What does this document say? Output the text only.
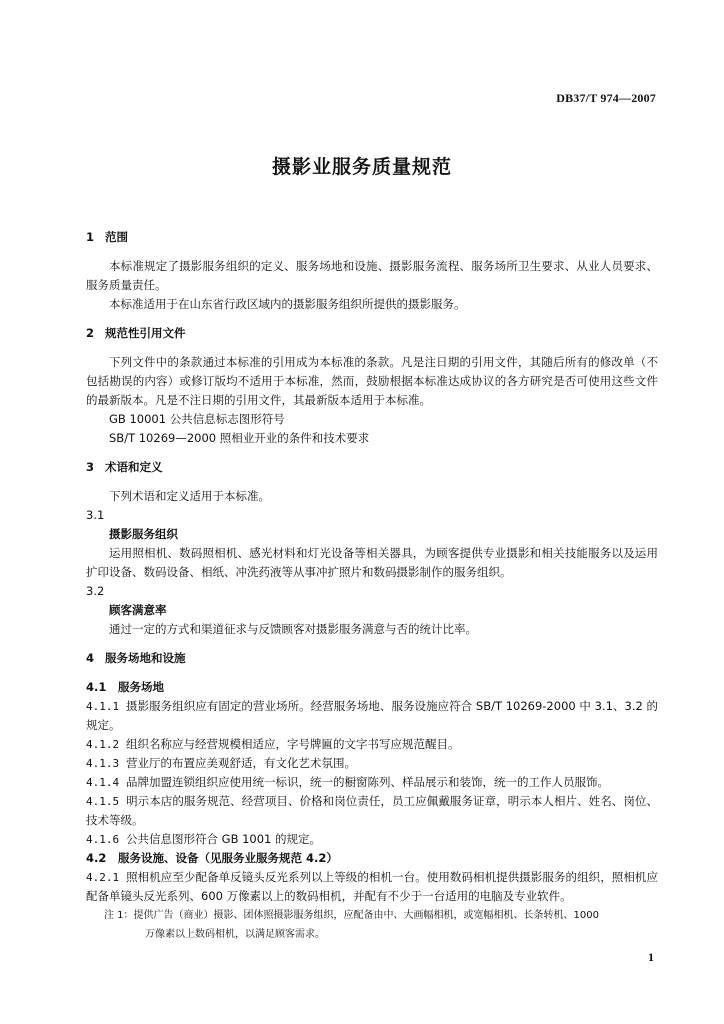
DB37/T 974—2007
摄影业服务质量规范

1 范围

本标准规定了摄影服务组织的定义、服务场地和设施、摄影服务流程、服务场所卫生要求、从业人员要求、服务质量责任。

本标准适用于在山东省行政区域内的摄影服务组织所提供的摄影服务。

2 规范性引用文件

下列文件中的条款通过本标准的引用成为本标准的条款。凡是注日期的引用文件，其随后所有的修改单（不包括勘误的内容）或修订版均不适用于本标准，然而，鼓励根据本标准达成协议的各方研究是否可使用这些文件的最新版本。凡是不注日期的引用文件，其最新版本适用于本标准。

GB 10001 公共信息标志图形符号

SB/T 10269—2000 照相业开业的条件和技术要求

3 术语和定义

下列术语和定义适用于本标准。

3.1

摄影服务组织

运用照相机、数码照相机、感光材料和灯光设备等相关器具，为顾客提供专业摄影和相关技能服务以及运用扩印设备、数码设备、相纸、冲洗药液等从事冲扩照片和数码摄影制作的服务组织。

3.2

顾客满意率

通过一定的方式和渠道征求与反馈顾客对摄影服务满意与否的统计比率。

4 服务场地和设施

4.1 服务场地

4.1.1 摄影服务组织应有固定的营业场所。经营服务场地、服务设施应符合 SB/T 10269-2000 中 3.1、3.2 的规定。

4.1.2 组织名称应与经营规模相适应，字号牌匾的文字书写应规范醒目。

4.1.3 营业厅的布置应美观舒适，有文化艺术氛围。

4.1.4 品牌加盟连锁组织应使用统一标识，统一的橱窗陈列、样品展示和装饰，统一的工作人员服饰。

4.1.5 明示本店的服务规范、经营项目、价格和岗位责任，员工应佩戴服务证章，明示本人相片、姓名、岗位、技术等级。

4.1.6 公共信息图形符合 GB 1001 的规定。

4.2 服务设施、设备（见服务业服务规范 4.2）

4.2.1 照相机应至少配备单反镜头反光系列以上等级的相机一台。使用数码相机提供摄影服务的组织，照相机应配备单镜头反光系列、600 万像素以上的数码相机，并配有不少于一台适用的电脑及专业软件。

注 1：提供广告（商业）摄影、团体照摄影服务组织，应配备由中、大画幅相机，或宽幅相机、长条转机、1000

万像素以上数码相机，以满足顾客需求。

1
